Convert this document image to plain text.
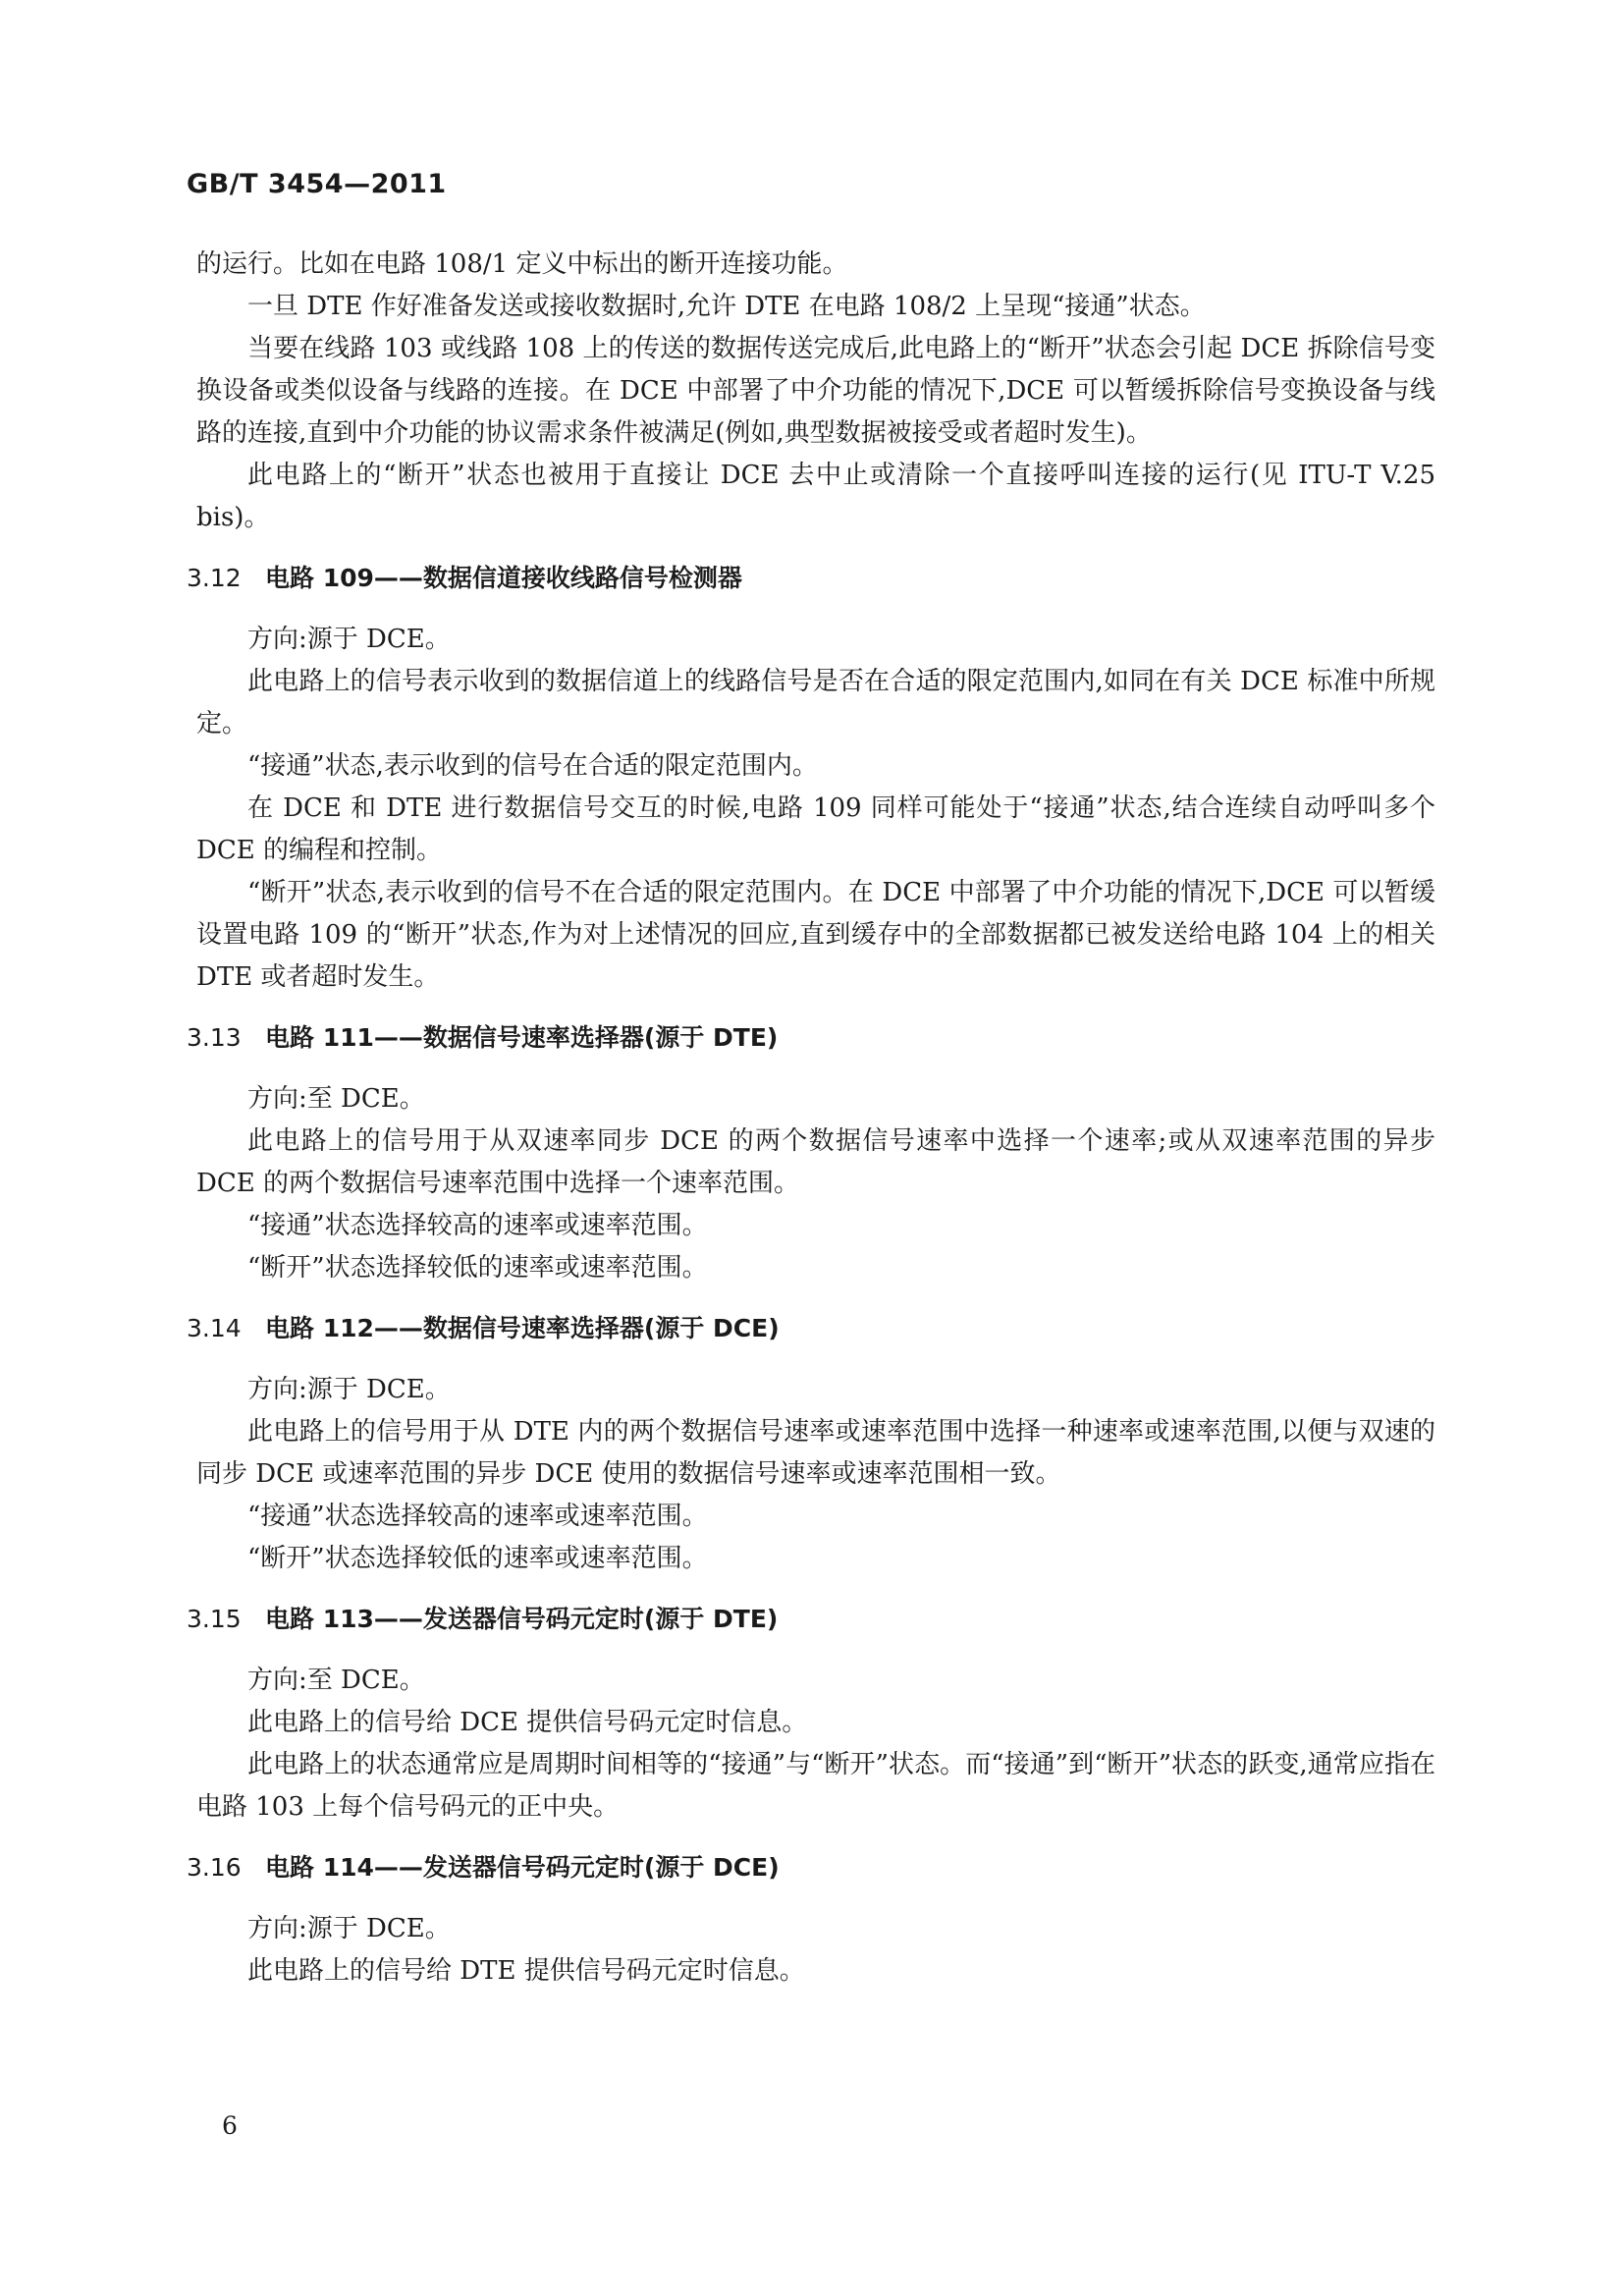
GB/T 3454—2011

的运行。比如在电路 108/1 定义中标出的断开连接功能。

一旦 DTE 作好准备发送或接收数据时,允许 DTE 在电路 108/2 上呈现“接通”状态。

当要在线路 103 或线路 108 上的传送的数据传送完成后,此电路上的“断开”状态会引起 DCE 拆除信号变换设备或类似设备与线路的连接。在 DCE 中部署了中介功能的情况下,DCE 可以暂缓拆除信号变换设备与线路的连接,直到中介功能的协议需求条件被满足(例如,典型数据被接受或者超时发生)。

此电路上的“断开”状态也被用于直接让 DCE 去中止或清除一个直接呼叫连接的运行(见 ITU-T V.25 bis)。

3.12 电路 109——数据信道接收线路信号检测器

方向:源于 DCE。

此电路上的信号表示收到的数据信道上的线路信号是否在合适的限定范围内,如同在有关 DCE 标准中所规定。

“接通”状态,表示收到的信号在合适的限定范围内。

在 DCE 和 DTE 进行数据信号交互的时候,电路 109 同样可能处于“接通”状态,结合连续自动呼叫多个 DCE 的编程和控制。

“断开”状态,表示收到的信号不在合适的限定范围内。在 DCE 中部署了中介功能的情况下,DCE 可以暂缓设置电路 109 的“断开”状态,作为对上述情况的回应,直到缓存中的全部数据都已被发送给电路 104 上的相关 DTE 或者超时发生。

3.13 电路 111——数据信号速率选择器(源于 DTE)

方向:至 DCE。

此电路上的信号用于从双速率同步 DCE 的两个数据信号速率中选择一个速率;或从双速率范围的异步 DCE 的两个数据信号速率范围中选择一个速率范围。

“接通”状态选择较高的速率或速率范围。

“断开”状态选择较低的速率或速率范围。

3.14 电路 112——数据信号速率选择器(源于 DCE)

方向:源于 DCE。

此电路上的信号用于从 DTE 内的两个数据信号速率或速率范围中选择一种速率或速率范围,以便与双速的同步 DCE 或速率范围的异步 DCE 使用的数据信号速率或速率范围相一致。

“接通”状态选择较高的速率或速率范围。

“断开”状态选择较低的速率或速率范围。

3.15 电路 113——发送器信号码元定时(源于 DTE)

方向:至 DCE。

此电路上的信号给 DCE 提供信号码元定时信息。

此电路上的状态通常应是周期时间相等的“接通”与“断开”状态。而“接通”到“断开”状态的跃变,通常应指在电路 103 上每个信号码元的正中央。

3.16 电路 114——发送器信号码元定时(源于 DCE)

方向:源于 DCE。

此电路上的信号给 DTE 提供信号码元定时信息。

6
